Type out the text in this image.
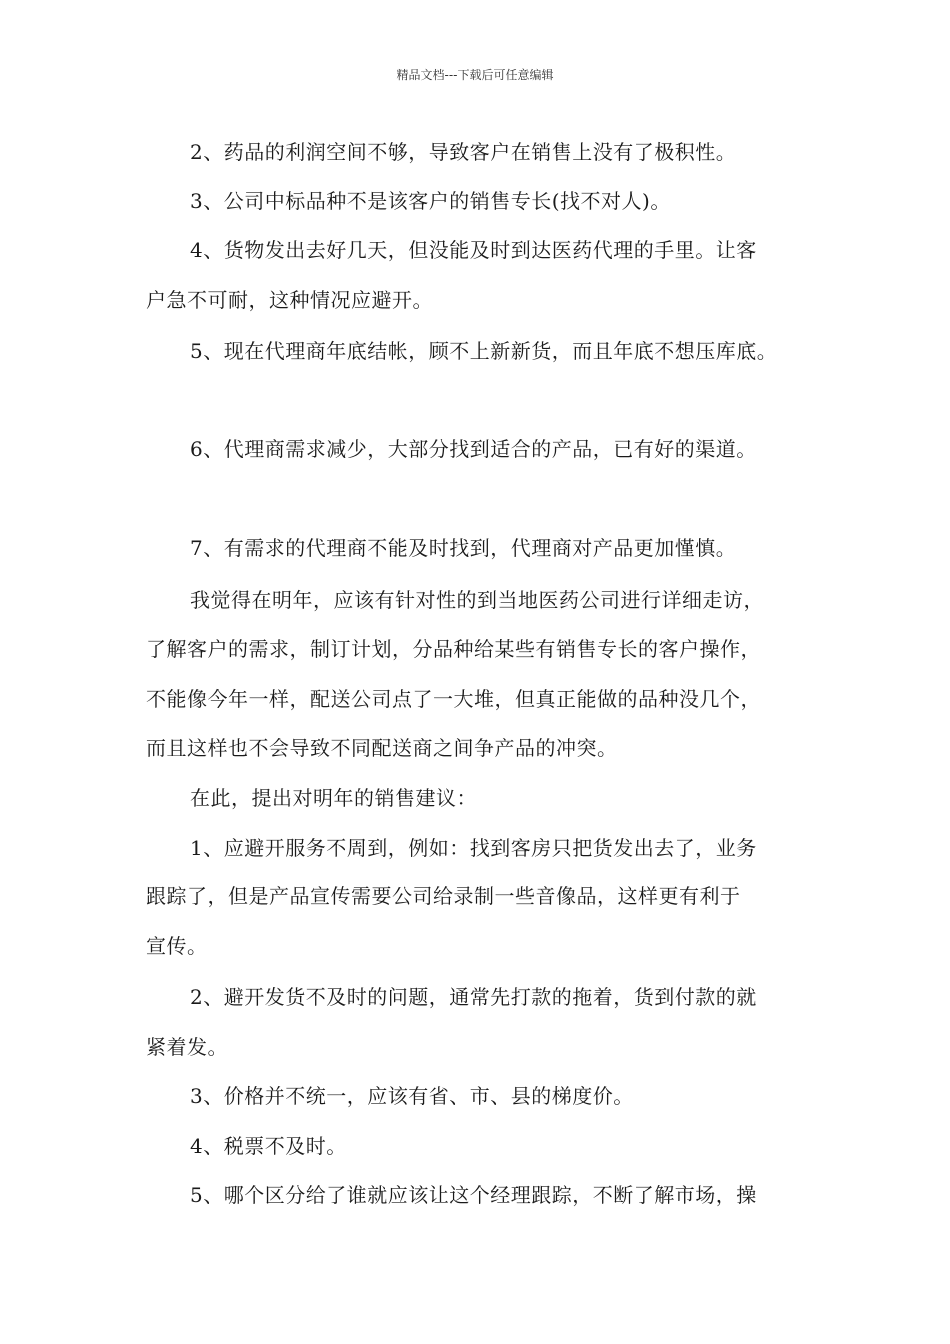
精品文档---下载后可任意编辑
2、药品的利润空间不够，导致客户在销售上没有了极积性。
3、公司中标品种不是该客户的销售专长(找不对人)。
4、货物发出去好几天，但没能及时到达医药代理的手里。让客
户急不可耐，这种情况应避开。
5、现在代理商年底结帐，顾不上新新货，而且年底不想压库底。
6、代理商需求减少，大部分找到适合的产品，已有好的渠道。
7、有需求的代理商不能及时找到，代理商对产品更加慬慎。
我觉得在明年，应该有针对性的到当地医药公司进行详细走访，
了解客户的需求，制订计划，分品种给某些有销售专长的客户操作，
不能像今年一样，配送公司点了一大堆，但真正能做的品种没几个，
而且这样也不会导致不同配送商之间争产品的冲突。
在此，提出对明年的销售建议：
1、应避开服务不周到，例如：找到客房只把货发出去了，业务
跟踪了，但是产品宣传需要公司给录制一些音像品，这样更有利于
宣传。
2、避开发货不及时的问题，通常先打款的拖着，货到付款的就
紧着发。
3、价格并不统一，应该有省、市、县的梯度价。
4、税票不及时。
5、哪个区分给了谁就应该让这个经理跟踪，不断了解市场，操
